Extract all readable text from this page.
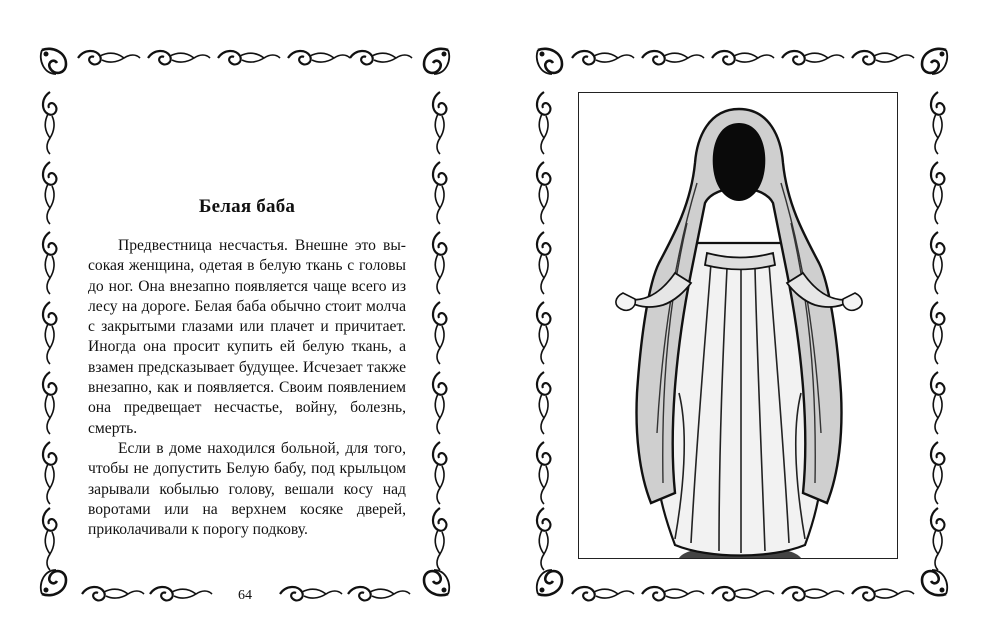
Белая баба

Предвестница несчастья. Внешне это высокая женщина, одетая в белую ткань с головы до ног. Она внезапно появляется чаще всего из лесу на дороге. Белая баба обычно стоит молча с закрытыми глазами или плачет и причитает. Иногда она просит купить ей белую ткань, а взамен предсказывает будущее. Исчезает также внезапно, как и появляется. Своим появлением она предвещает несчастье, войну, болезнь, смерть.

Если в доме находился больной, для того, чтобы не допустить Белую бабу, под крыльцом зарывали кобылью голову, вешали косу над воротами или на верхнем косяке дверей, приколачивали к порогу подкову.

64
